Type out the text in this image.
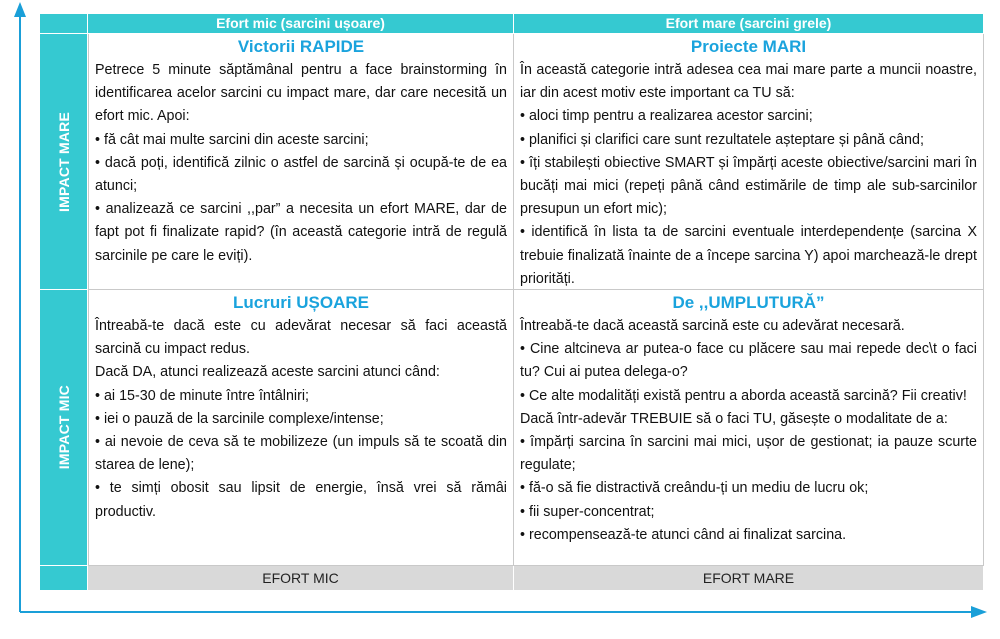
Efort mic (sarcini ușoare)	Efort mare (sarcini grele)
IMPACT MARE
Victorii RAPIDE

Petrece 5 minute săptămânal pentru a face brainstorming în identificarea acelor sarcini cu impact mare, dar care necesită un efort mic. Apoi:

• fă cât mai multe sarcini din aceste sarcini;

• dacă poți, identifică zilnic o astfel de sarcină și ocupă-te de ea atunci;

• analizează ce sarcini ,,par” a necesita un efort MARE, dar de fapt pot fi finalizate rapid? (în această categorie intră de regulă sarcinile pe care le eviți).

Proiecte MARI

În această categorie intră adesea cea mai mare parte a muncii noastre, iar din acest motiv este important ca TU să:

• aloci timp pentru a realizarea acestor sarcini;

• planifici și clarifici care sunt rezultatele așteptare și până când;

• îți stabilești obiective SMART și împărți aceste obiective/sarcini mari în bucăți mai mici (repeți până când estimările de timp ale sub-sarcinilor presupun un efort mic);

• identifică în lista ta de sarcini eventuale interdependențe (sarcina X trebuie finalizată înainte de a începe sarcina Y) apoi marchează-le drept priorități.

IMPACT MIC
Lucruri UȘOARE

Întreabă-te dacă este cu adevărat necesar să faci această sarcină cu impact redus.

Dacă DA, atunci realizează aceste sarcini atunci când:

• ai 15-30 de minute între întâlniri;

• iei o pauză de la sarcinile complexe/intense;

• ai nevoie de ceva să te mobilizeze (un impuls să te scoată din starea de lene);

• te simți obosit sau lipsit de energie, însă vrei să rămâi productiv.

De ,,UMPLUTURĂ”

Întreabă-te dacă această sarcină este cu adevărat necesară.

• Cine altcineva ar putea-o face cu plăcere sau mai repede dec\t o faci tu? Cui ai putea delega-o?

• Ce alte modalități există pentru a aborda această sarcină? Fii creativ!

Dacă într-adevăr TREBUIE să o faci TU, găsește o modalitate de a:

• împărți sarcina în sarcini mai mici, ușor de gestionat; ia pauze scurte regulate;

• fă-o să fie distractivă creându-ți un mediu de lucru ok;

• fii super-concentrat;

• recompensează-te atunci când ai finalizat sarcina.

EFORT MIC	EFORT MARE
